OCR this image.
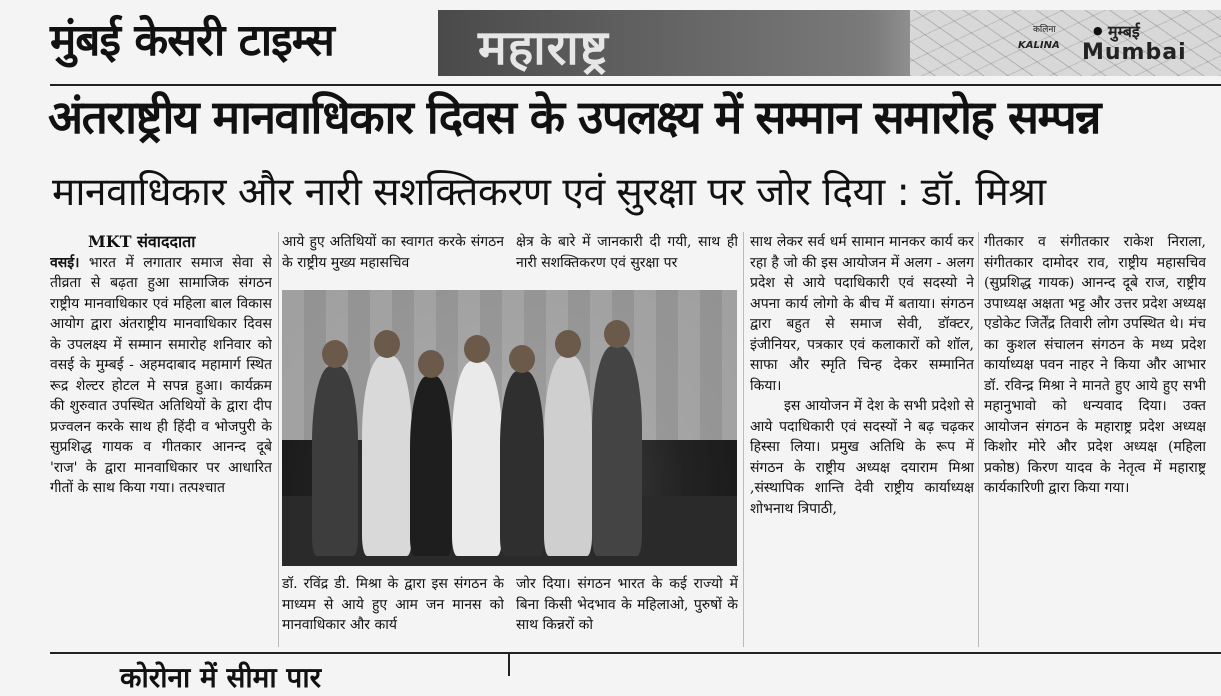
मुंबई केसरी टाइम्स	महाराष्ट्र	कलिना
KALINA
● मुम्बई
Mumbai
अंतराष्ट्रीय मानवाधिकार दिवस के उपलक्ष्य में सम्मान समारोह सम्पन्न
मानवाधिकार और नारी सशक्तिकरण एवं सुरक्षा पर जोर दिया : डॉ. मिश्रा

MKT संवाददाता

वसई। भारत में लगातार समाज सेवा से तीव्रता से बढ़ता हुआ सामाजिक संगठन राष्ट्रीय मानवाधिकार एवं महिला बाल विकास आयोग द्वारा अंतराष्ट्रीय मानवाधिकार दिवस के उपलक्ष्य में सम्मान समारोह शनिवार को वसई के मुम्बई - अहमदाबाद महामार्ग स्थित रूद्र शेल्टर होटल मे सपन्न हुआ। कार्यक्रम की शुरुवात उपस्थित अतिथियों के द्वारा दीप प्रज्वलन करके साथ ही हिंदी व भोजपुरी के सुप्रशिद्ध गायक व गीतकार आनन्द दूबे 'राज' के द्वारा मानवाधिकार पर आधारित गीतों के साथ किया गया। तत्पश्चात

आये हुए अतिथियों का स्वागत करके संगठन के राष्ट्रीय मुख्य महासचिव

क्षेत्र के बारे में जानकारी दी गयी, साथ ही नारी सशक्तिकरण एवं सुरक्षा पर

डॉ. रविंद्र डी. मिश्रा के द्वारा इस संगठन के माध्यम से आये हुए आम जन मानस को मानवाधिकार और कार्य

जोर दिया। संगठन भारत के कई राज्यो में बिना किसी भेदभाव के महिलाओ, पुरुषों के साथ किन्नरों को

साथ लेकर सर्व धर्म सामान मानकर कार्य कर रहा है जो की इस आयोजन में अलग - अलग प्रदेश से आये पदाधिकारी एवं सदस्यो ने अपना कार्य लोगो के बीच में बताया। संगठन द्वारा बहुत से समाज सेवी, डॉक्टर, इंजीनियर, पत्रकार एवं कलाकारों को शॉल, साफा और स्मृति चिन्ह देकर सम्मानित किया।

इस आयोजन में देश के सभी प्रदेशो से आये पदाधिकारी एवं सदस्यों ने बढ़ चढ़कर हिस्सा लिया। प्रमुख अतिथि के रूप में संगठन के राष्ट्रीय अध्यक्ष दयाराम मिश्रा ,संस्थापिक शान्ति देवी राष्ट्रीय कार्याध्यक्ष शोभनाथ त्रिपाठी,

गीतकार व संगीतकार राकेश निराला, संगीतकार दामोदर राव, राष्ट्रीय महासचिव (सुप्रशिद्ध गायक) आनन्द दूबे राज, राष्ट्रीय उपाध्यक्ष अक्षता भट्ट और उत्तर प्रदेश अध्यक्ष एडोकेट जिर्तेंद्र तिवारी लोग उपस्थित थे। मंच का कुशल संचालन संगठन के मध्य प्रदेश कार्याध्यक्ष पवन नाहर ने किया और आभार डॉ. रविन्द्र मिश्रा ने मानते हुए आये हुए सभी महानुभावो को धन्यवाद दिया। उक्त आयोजन संगठन के महाराष्ट्र प्रदेश अध्यक्ष किशोर मोरे और प्रदेश अध्यक्ष (महिला प्रकोष्ठ) किरण यादव के नेतृत्व में महाराष्ट्र कार्यकारिणी द्वारा किया गया।

कोरोना में सीमा पार
